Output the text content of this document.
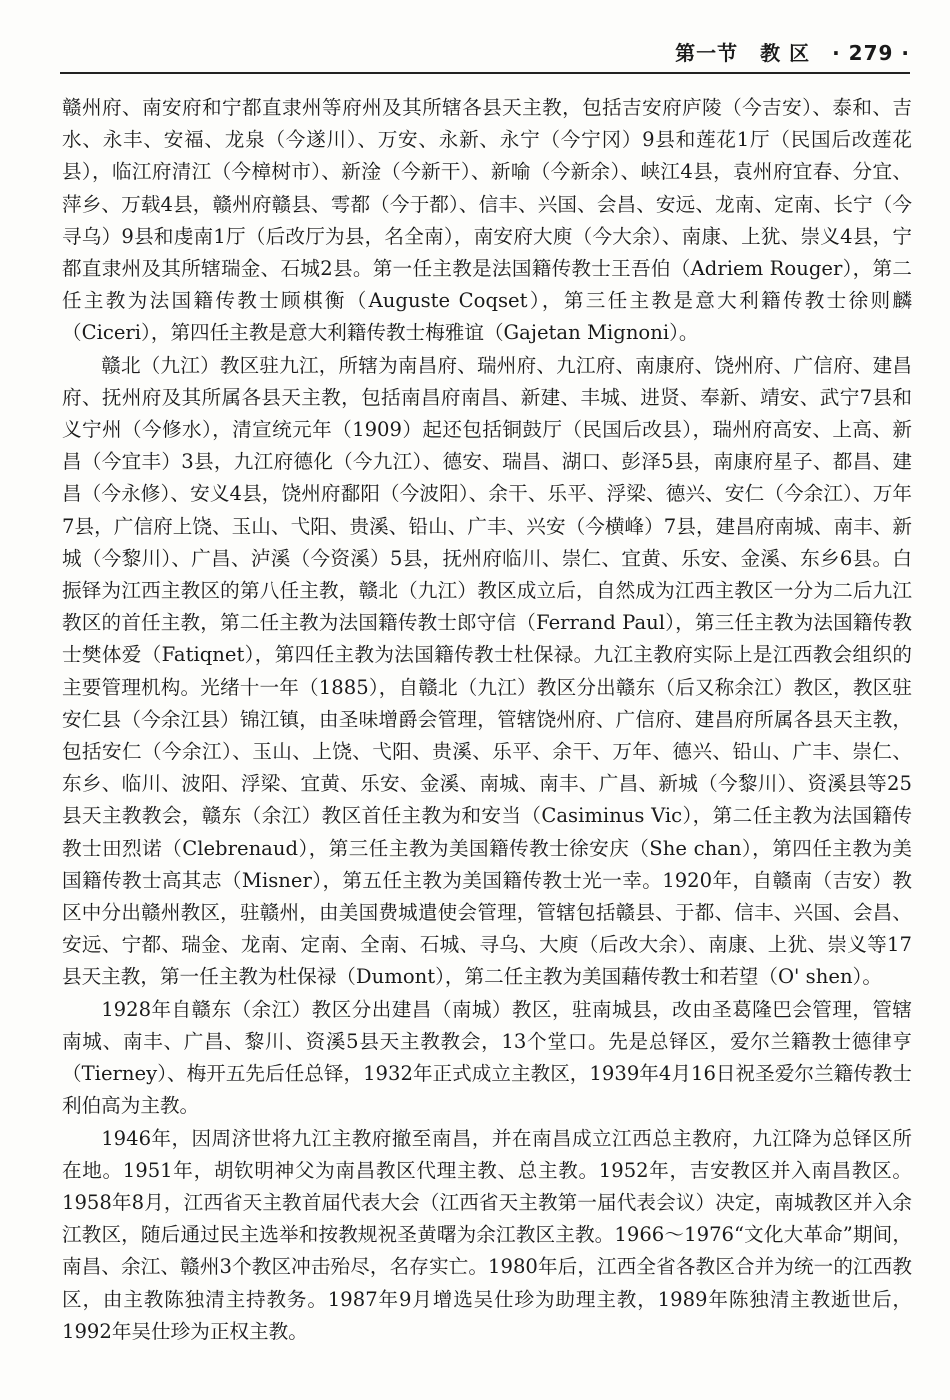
第一节 教 区 · 279 ·

赣州府、南安府和宁都直隶州等府州及其所辖各县天主教，包括吉安府庐陵（今吉安）、泰和、吉水、永丰、安福、龙泉（今遂川）、万安、永新、永宁（今宁冈）9县和莲花1厅（民国后改莲花县），临江府清江（今樟树市）、新淦（今新干）、新喻（今新余）、峡江4县，袁州府宜春、分宜、萍乡、万载4县，赣州府赣县、雩都（今于都）、信丰、兴国、会昌、安远、龙南、定南、长宁（今寻乌）9县和虔南1厅（后改厅为县，名全南），南安府大庾（今大余）、南康、上犹、崇义4县，宁都直隶州及其所辖瑞金、石城2县。第一任主教是法国籍传教士王吾伯（Adriem Rouger），第二任主教为法国籍传教士顾棋衡（Auguste Coqset），第三任主教是意大利籍传教士徐则麟（Ciceri），第四任主教是意大利籍传教士梅雅谊（Gajetan Mignoni）。

赣北（九江）教区驻九江，所辖为南昌府、瑞州府、九江府、南康府、饶州府、广信府、建昌府、抚州府及其所属各县天主教，包括南昌府南昌、新建、丰城、进贤、奉新、靖安、武宁7县和义宁州（今修水），清宣统元年（1909）起还包括铜鼓厅（民国后改县），瑞州府高安、上高、新昌（今宜丰）3县，九江府德化（今九江）、德安、瑞昌、湖口、彭泽5县，南康府星子、都昌、建昌（今永修）、安义4县，饶州府鄱阳（今波阳）、余干、乐平、浮梁、德兴、安仁（今余江）、万年7县，广信府上饶、玉山、弋阳、贵溪、铅山、广丰、兴安（今横峰）7县，建昌府南城、南丰、新城（今黎川）、广昌、泸溪（今资溪）5县，抚州府临川、崇仁、宜黄、乐安、金溪、东乡6县。白振铎为江西主教区的第八任主教，赣北（九江）教区成立后，自然成为江西主教区一分为二后九江教区的首任主教，第二任主教为法国籍传教士郎守信（Ferrand Paul），第三任主教为法国籍传教士樊体爱（Fatiqnet），第四任主教为法国籍传教士杜保禄。九江主教府实际上是江西教会组织的主要管理机构。光绪十一年（1885），自赣北（九江）教区分出赣东（后又称余江）教区，教区驻安仁县（今余江县）锦江镇，由圣味增爵会管理，管辖饶州府、广信府、建昌府所属各县天主教，包括安仁（今余江）、玉山、上饶、弋阳、贵溪、乐平、余干、万年、德兴、铅山、广丰、崇仁、东乡、临川、波阳、浮梁、宜黄、乐安、金溪、南城、南丰、广昌、新城（今黎川）、资溪县等25县天主教教会，赣东（余江）教区首任主教为和安当（Casiminus Vic），第二任主教为法国籍传教士田烈诺（Clebrenaud），第三任主教为美国籍传教士徐安庆（She chan），第四任主教为美国籍传教士高其志（Misner），第五任主教为美国籍传教士光一幸。1920年，自赣南（吉安）教区中分出赣州教区，驻赣州，由美国费城遣使会管理，管辖包括赣县、于都、信丰、兴国、会昌、安远、宁都、瑞金、龙南、定南、全南、石城、寻乌、大庾（后改大余）、南康、上犹、崇义等17县天主教，第一任主教为杜保禄（Dumont），第二任主教为美国藉传教士和若望（O' shen）。

1928年自赣东（余江）教区分出建昌（南城）教区，驻南城县，改由圣葛隆巴会管理，管辖南城、南丰、广昌、黎川、资溪5县天主教教会，13个堂口。先是总铎区，爱尔兰籍教士德律亨（Tierney）、梅开五先后任总铎，1932年正式成立主教区，1939年4月16日祝圣爱尔兰籍传教士利伯高为主教。

1946年，因周济世将九江主教府撤至南昌，并在南昌成立江西总主教府，九江降为总铎区所在地。1951年，胡钦明神父为南昌教区代理主教、总主教。1952年，吉安教区并入南昌教区。1958年8月，江西省天主教首届代表大会（江西省天主教第一届代表会议）决定，南城教区并入余江教区，随后通过民主选举和按教规祝圣黄曙为余江教区主教。1966～1976“文化大革命”期间，南昌、余江、赣州3个教区冲击殆尽，名存实亡。1980年后，江西全省各教区合并为统一的江西教区，由主教陈独清主持教务。1987年9月增选吴仕珍为助理主教，1989年陈独清主教逝世后，1992年吴仕珍为正权主教。
